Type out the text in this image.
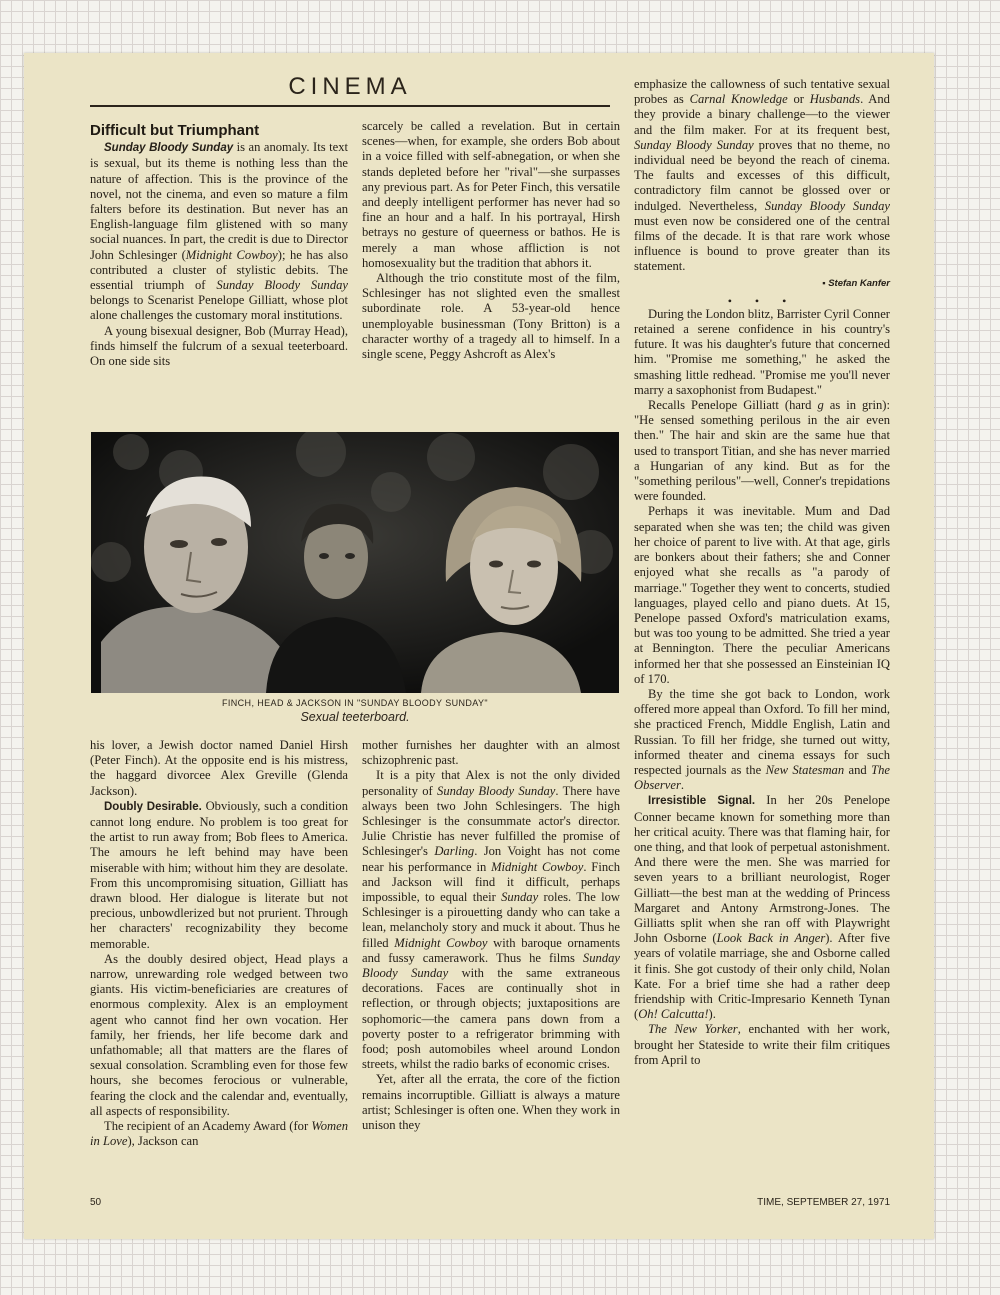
CINEMA
Difficult but Triumphant

Sunday Bloody Sunday is an anomaly. Its text is sexual, but its theme is nothing less than the nature of affection. This is the province of the novel, not the cinema, and even so mature a film falters before its destination. But never has an English-language film glistened with so many social nuances. In part, the credit is due to Director John Schlesinger (Midnight Cowboy); he has also contributed a cluster of stylistic debits. The essential triumph of Sunday Bloody Sunday belongs to Scenarist Penelope Gilliatt, whose plot alone challenges the customary moral institutions.

A young bisexual designer, Bob (Murray Head), finds himself the fulcrum of a sexual teeterboard. On one side sits

scarcely be called a revelation. But in certain scenes—when, for example, she orders Bob about in a voice filled with self-abnegation, or when she stands depleted before her "rival"—she surpasses any previous part. As for Peter Finch, this versatile and deeply intelligent performer has never had so fine an hour and a half. In his portrayal, Hirsh betrays no gesture of queerness or bathos. He is merely a man whose affliction is not homosexuality but the tradition that abhors it.

Although the trio constitute most of the film, Schlesinger has not slighted even the smallest subordinate role. A 53-year-old hence unemployable businessman (Tony Britton) is a character worthy of a tragedy all to himself. In a single scene, Peggy Ashcroft as Alex's

FINCH, HEAD & JACKSON IN "SUNDAY BLOODY SUNDAY"
Sexual teeterboard.

his lover, a Jewish doctor named Daniel Hirsh (Peter Finch). At the opposite end is his mistress, the haggard divorcee Alex Greville (Glenda Jackson).

Doubly Desirable. Obviously, such a condition cannot long endure. No problem is too great for the artist to run away from; Bob flees to America. The amours he left behind may have been miserable with him; without him they are desolate. From this uncompromising situation, Gilliatt has drawn blood. Her dialogue is literate but not precious, unbowdlerized but not prurient. Through her characters' recognizability they become memorable.

As the doubly desired object, Head plays a narrow, unrewarding role wedged between two giants. His victim-beneficiaries are creatures of enormous complexity. Alex is an employment agent who cannot find her own vocation. Her family, her friends, her life become dark and unfathomable; all that matters are the flares of sexual consolation. Scrambling even for those few hours, she becomes ferocious or vulnerable, fearing the clock and the calendar and, eventually, all aspects of responsibility.

The recipient of an Academy Award (for Women in Love), Jackson can

mother furnishes her daughter with an almost schizophrenic past.

It is a pity that Alex is not the only divided personality of Sunday Bloody Sunday. There have always been two John Schlesingers. The high Schlesinger is the consummate actor's director. Julie Christie has never fulfilled the promise of Schlesinger's Darling. Jon Voight has not come near his performance in Midnight Cowboy. Finch and Jackson will find it difficult, perhaps impossible, to equal their Sunday roles. The low Schlesinger is a pirouetting dandy who can take a lean, melancholy story and muck it about. Thus he filled Midnight Cowboy with baroque ornaments and fussy camerawork. Thus he films Sunday Bloody Sunday with the same extraneous decorations. Faces are continually shot in reflection, or through objects; juxtapositions are sophomoric—the camera pans down from a poverty poster to a refrigerator brimming with food; posh automobiles wheel around London streets, whilst the radio barks of economic crises.

Yet, after all the errata, the core of the fiction remains incorruptible. Gilliatt is always a mature artist; Schlesinger is often one. When they work in unison they

emphasize the callowness of such tentative sexual probes as Carnal Knowledge or Husbands. And they provide a binary challenge—to the viewer and the film maker. For at its frequent best, Sunday Bloody Sunday proves that no theme, no individual need be beyond the reach of cinema. The faults and excesses of this difficult, contradictory film cannot be glossed over or indulged. Nevertheless, Sunday Bloody Sunday must even now be considered one of the central films of the decade. It is that rare work whose influence is bound to prove greater than its statement.

▪ Stefan Kanfer
• • •

During the London blitz, Barrister Cyril Conner retained a serene confidence in his country's future. It was his daughter's future that concerned him. "Promise me something," he asked the smashing little redhead. "Promise me you'll never marry a saxophonist from Budapest."

Recalls Penelope Gilliatt (hard g as in grin): "He sensed something perilous in the air even then." The hair and skin are the same hue that used to transport Titian, and she has never married a Hungarian of any kind. But as for the "something perilous"—well, Conner's trepidations were founded.

Perhaps it was inevitable. Mum and Dad separated when she was ten; the child was given her choice of parent to live with. At that age, girls are bonkers about their fathers; she and Conner enjoyed what she recalls as "a parody of marriage." Together they went to concerts, studied languages, played cello and piano duets. At 15, Penelope passed Oxford's matriculation exams, but was too young to be admitted. She tried a year at Bennington. There the peculiar Americans informed her that she possessed an Einsteinian IQ of 170.

By the time she got back to London, work offered more appeal than Oxford. To fill her mind, she practiced French, Middle English, Latin and Russian. To fill her fridge, she turned out witty, informed theater and cinema essays for such respected journals as the New Statesman and The Observer.

Irresistible Signal. In her 20s Penelope Conner became known for something more than her critical acuity. There was that flaming hair, for one thing, and that look of perpetual astonishment. And there were the men. She was married for seven years to a brilliant neurologist, Roger Gilliatt—the best man at the wedding of Princess Margaret and Antony Armstrong-Jones. The Gilliatts split when she ran off with Playwright John Osborne (Look Back in Anger). After five years of volatile marriage, she and Osborne called it finis. She got custody of their only child, Nolan Kate. For a brief time she had a rather deep friendship with Critic-Impresario Kenneth Tynan (Oh! Calcutta!).

The New Yorker, enchanted with her work, brought her Stateside to write their film critiques from April to

50	TIME, SEPTEMBER 27, 1971
